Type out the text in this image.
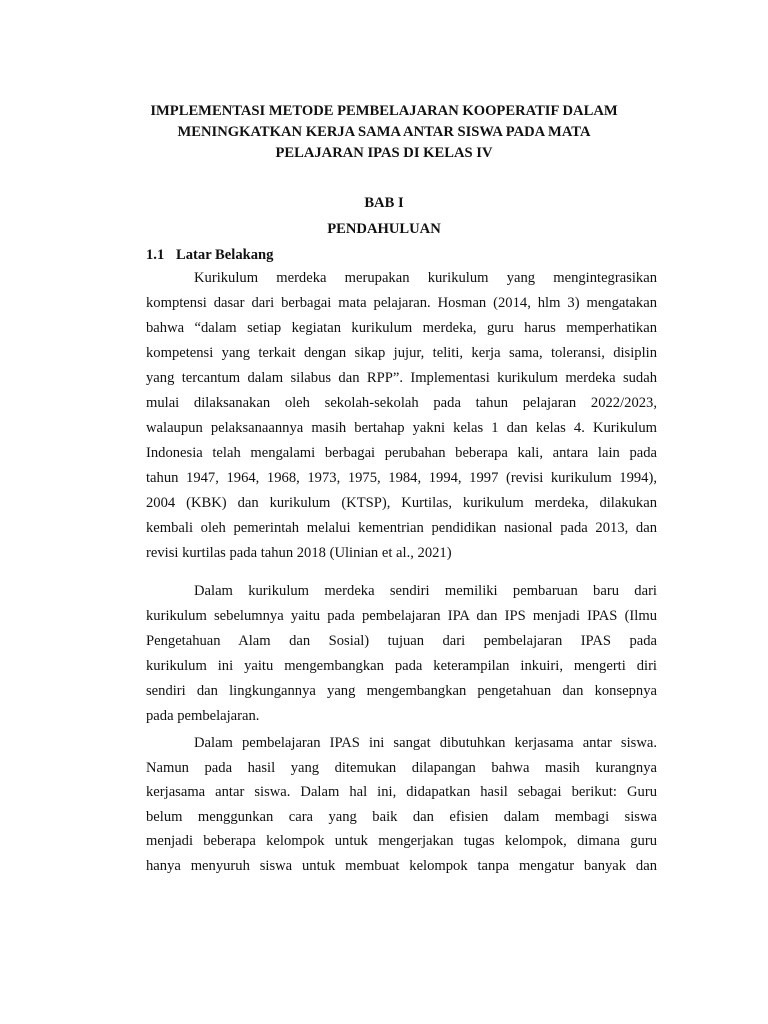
IMPLEMENTASI METODE PEMBELAJARAN KOOPERATIF DALAM
MENINGKATKAN KERJA SAMA ANTAR SISWA PADA MATA
PELAJARAN IPAS DI KELAS IV
BAB I
PENDAHULUAN
1.1 Latar Belakang
Kurikulum merdeka merupakan kurikulum yang mengintegrasikan
komptensi dasar dari berbagai mata pelajaran. Hosman (2014, hlm 3) mengatakan
bahwa “dalam setiap kegiatan kurikulum merdeka, guru harus memperhatikan
kompetensi yang terkait dengan sikap jujur, teliti, kerja sama, toleransi, disiplin
yang tercantum dalam silabus dan RPP”. Implementasi kurikulum merdeka sudah
mulai dilaksanakan oleh sekolah-sekolah pada tahun pelajaran 2022/2023,
walaupun pelaksanaannya masih bertahap yakni kelas 1 dan kelas 4. Kurikulum
Indonesia telah mengalami berbagai perubahan beberapa kali, antara lain pada
tahun 1947, 1964, 1968, 1973, 1975, 1984, 1994, 1997 (revisi kurikulum 1994),
2004 (KBK) dan kurikulum (KTSP), Kurtilas, kurikulum merdeka, dilakukan
kembali oleh pemerintah melalui kementrian pendidikan nasional pada 2013, dan
revisi kurtilas pada tahun 2018 (Ulinian et al., 2021)
Dalam kurikulum merdeka sendiri memiliki pembaruan baru dari
kurikulum sebelumnya yaitu pada pembelajaran IPA dan IPS menjadi IPAS (Ilmu
Pengetahuan Alam dan Sosial) tujuan dari pembelajaran IPAS pada
kurikulum ini yaitu mengembangkan pada keterampilan inkuiri, mengerti diri
sendiri dan lingkungannya yang mengembangkan pengetahuan dan konsepnya
pada pembelajaran.
Dalam pembelajaran IPAS ini sangat dibutuhkan kerjasama antar siswa.
Namun pada hasil yang ditemukan dilapangan bahwa masih kurangnya
kerjasama antar siswa. Dalam hal ini, didapatkan hasil sebagai berikut: Guru
belum menggunkan cara yang baik dan efisien dalam membagi siswa
menjadi beberapa kelompok untuk mengerjakan tugas kelompok, dimana guru
hanya menyuruh siswa untuk membuat kelompok tanpa mengatur banyak dan
